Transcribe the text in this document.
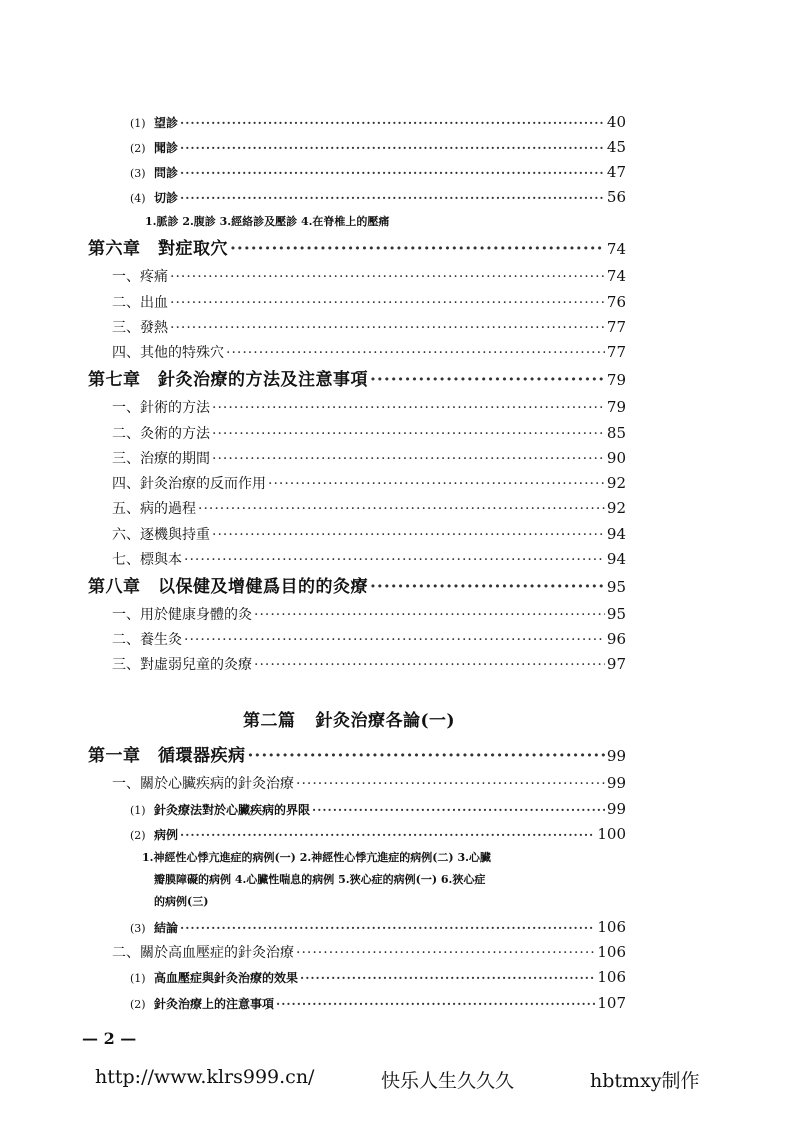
(1) 望診 ·····	40
(2) 聞診 ·····	45
(3) 問診 ·····	47
(4) 切診 ·····	56
1.脈診 2.腹診 3.經絡診及壓診 4.在脊椎上的壓痛
第六章　對症取穴 ·····	74
一、疼痛 ·····	74
二、出血 ·····	76
三、發熱 ·····	77
四、其他的特殊穴 ·····	77
第七章　針灸治療的方法及注意事項 ·····	79
一、針術的方法 ·····	79
二、灸術的方法 ·····	85
三、治療的期間 ·····	90
四、針灸治療的反而作用 ·····	92
五、病的過程 ·····	92
六、逐機與持重 ·····	94
七、標與本 ·····	94
第八章　以保健及增健爲目的的灸療 ·····	95
一、用於健康身體的灸 ·····	95
二、養生灸 ·····	96
三、對虛弱兒童的灸療 ·····	97
第二篇 針灸治療各論(一)
第一章　循環器疾病 ·····	99
一、關於心臟疾病的針灸治療 ·····	99
(1) 針灸療法對於心臟疾病的界限 ·····	99
(2) 病例 ·····	100
1.神經性心悸亢進症的病例(一) 2.神經性心悸亢進症的病例(二) 3.心臟
瓣膜障礙的病例 4.心臟性喘息的病例 5.狹心症的病例(一) 6.狹心症
的病例(三)
(3) 結論 ·····	106
二、關於高血壓症的針灸治療 ·····	106
(1) 高血壓症與針灸治療的效果 ·····	106
(2) 針灸治療上的注意事項 ·····	107
— 2 —
http://www.klrs999.cn/	快乐人生久久久	hbtmxy制作
